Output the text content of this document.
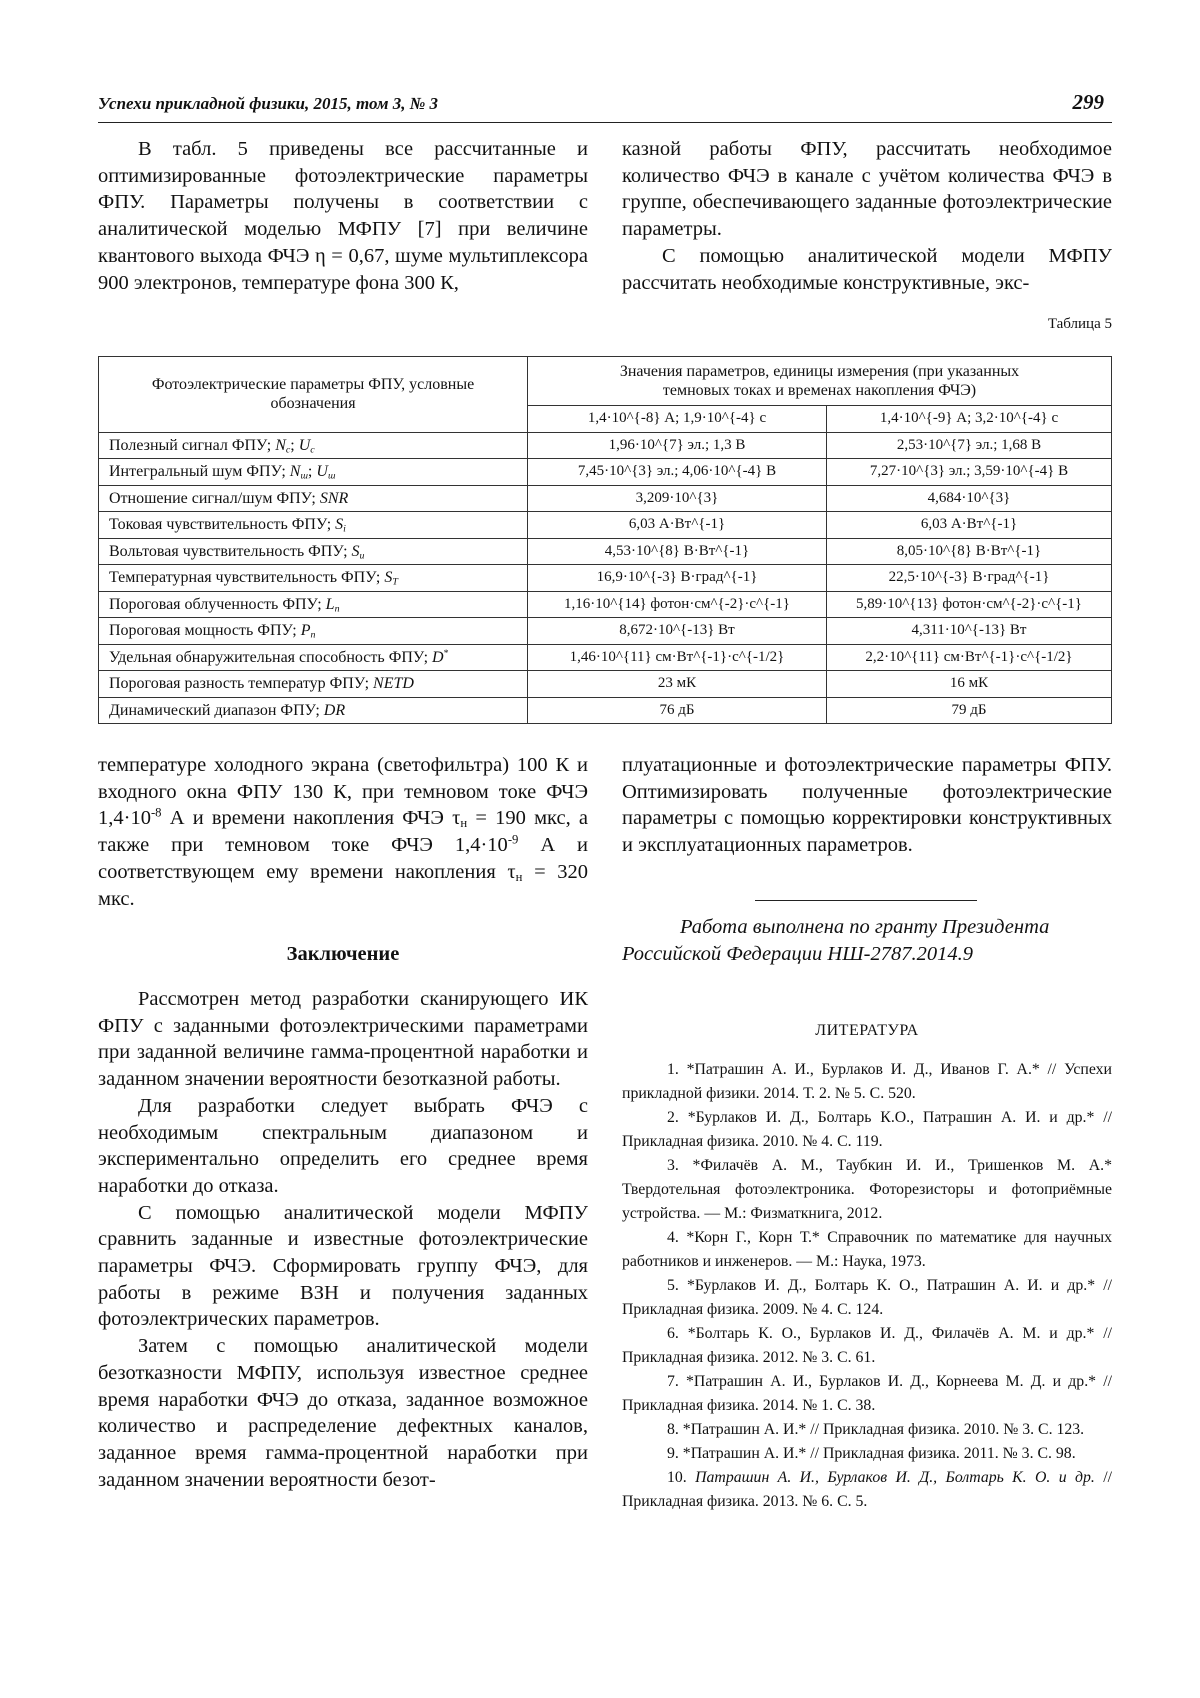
Успехи прикладной физики, 2015, том 3, № 3	299

В табл. 5 приведены все рассчитанные и оптимизированные фотоэлектрические параметры ФПУ. Параметры получены в соответствии с аналитической моделью МФПУ [7] при величине квантового выхода ФЧЭ η = 0,67, шуме мультиплексора 900 электронов, температуре фона 300 К,

казной работы ФПУ, рассчитать необходимое количество ФЧЭ в канале с учётом количества ФЧЭ в группе, обеспечивающего заданные фотоэлектрические параметры.

С помощью аналитической модели МФПУ рассчитать необходимые конструктивные, экс-

Таблица 5
Фотоэлектрические параметры ФПУ, условные обозначения	Значения параметров, единицы измерения (при указанных темновых токах и временах накопления ФЧЭ)	
	1,4·10^{-8} А; 1,9·10^{-4} с	1,4·10^{-9} А; 3,2·10^{-4} с
Полезный сигнал ФПУ; $N_c$; $U_c$	1,96·10^{7} эл.; 1,3 В	2,53·10^{7} эл.; 1,68 В
Интегральный шум ФПУ; $N_ш$; $U_ш$	7,45·10^{3} эл.; 4,06·10^{-4} В	7,27·10^{3} эл.; 3,59·10^{-4} В
Отношение сигнал/шум ФПУ; SNR	3,209·10^{3}	4,684·10^{3}
Токовая чувствительность ФПУ; $S_i$	6,03 А·Вт^{-1}	6,03 А·Вт^{-1}
Вольтовая чувствительность ФПУ; $S_u$	4,53·10^{8} В·Вт^{-1}	8,05·10^{8} В·Вт^{-1}
Температурная чувствительность ФПУ; $S_T$	16,9·10^{-3} В·град^{-1}	22,5·10^{-3} В·град^{-1}
Пороговая облученность ФПУ; $L_n$	1,16·10^{14} фотон·см^{-2}·с^{-1}	5,89·10^{13} фотон·см^{-2}·с^{-1}
Пороговая мощность ФПУ; $P_n$	8,672·10^{-13} Вт	4,311·10^{-13} Вт
Удельная обнаружительная способность ФПУ; D*	1,46·10^{11} см·Вт^{-1}·с^{-1/2}	2,2·10^{11} см·Вт^{-1}·с^{-1/2}
Пороговая разность температур ФПУ; NETD	23 мК	16 мК
Динамический диапазон ФПУ; DR	76 дБ	79 дБ

температуре холодного экрана (светофильтра) 100 К и входного окна ФПУ 130 К, при темновом токе ФЧЭ $1,4\cdot 10^{-8}$ А и времени накопления ФЧЭ $\tau_н = 190$ мкс, а также при темновом токе ФЧЭ $1,4\cdot 10^{-9}$ А и соответствующем ему времени накопления $\tau_н = 320$ мкс.

Заключение

Рассмотрен метод разработки сканирующего ИК ФПУ с заданными фотоэлектрическими параметрами при заданной величине гамма-процентной наработки и заданном значении вероятности безотказной работы.

Для разработки следует выбрать ФЧЭ с необходимым спектральным диапазоном и экспериментально определить его среднее время наработки до отказа.

С помощью аналитической модели МФПУ сравнить заданные и известные фотоэлектрические параметры ФЧЭ. Сформировать группу ФЧЭ, для работы в режиме ВЗН и получения заданных фотоэлектрических параметров.

Затем с помощью аналитической модели безотказности МФПУ, используя известное среднее время наработки ФЧЭ до отказа, заданное возможное количество и распределение дефектных каналов, заданное время гамма-процентной наработки при заданном значении вероятности безот-

плуатационные и фотоэлектрические параметры ФПУ. Оптимизировать полученные фотоэлектрические параметры с помощью корректировки конструктивных и эксплуатационных параметров.

Работа выполнена по гранту Президента
Российской Федерации НШ-2787.2014.9
ЛИТЕРАТУРА

1. *Патрашин А. И., Бурлаков И. Д., Иванов Г. А.* // Успехи прикладной физики. 2014. Т. 2. № 5. С. 520.

2. *Бурлаков И. Д., Болтарь К.О., Патрашин А. И. и др.* // Прикладная физика. 2010. № 4. С. 119.

3. *Филачёв А. М., Таубкин И. И., Тришенков М. А.* Твердотельная фотоэлектроника. Фоторезисторы и фотоприёмные устройства. — М.: Физматкнига, 2012.

4. *Корн Г., Корн Т.* Справочник по математике для научных работников и инженеров. — М.: Наука, 1973.

5. *Бурлаков И. Д., Болтарь К. О., Патрашин А. И. и др.* // Прикладная физика. 2009. № 4. С. 124.

6. *Болтарь К. О., Бурлаков И. Д., Филачёв А. М. и др.* // Прикладная физика. 2012. № 3. С. 61.

7. *Патрашин А. И., Бурлаков И. Д., Корнеева М. Д. и др.* // Прикладная физика. 2014. № 1. С. 38.

8. *Патрашин А. И.* // Прикладная физика. 2010. № 3. С. 123.

9. *Патрашин А. И.* // Прикладная физика. 2011. № 3. С. 98.

10. Патрашин А. И., Бурлаков И. Д., Болтарь К. О. и др. // Прикладная физика. 2013. № 6. С. 5.
